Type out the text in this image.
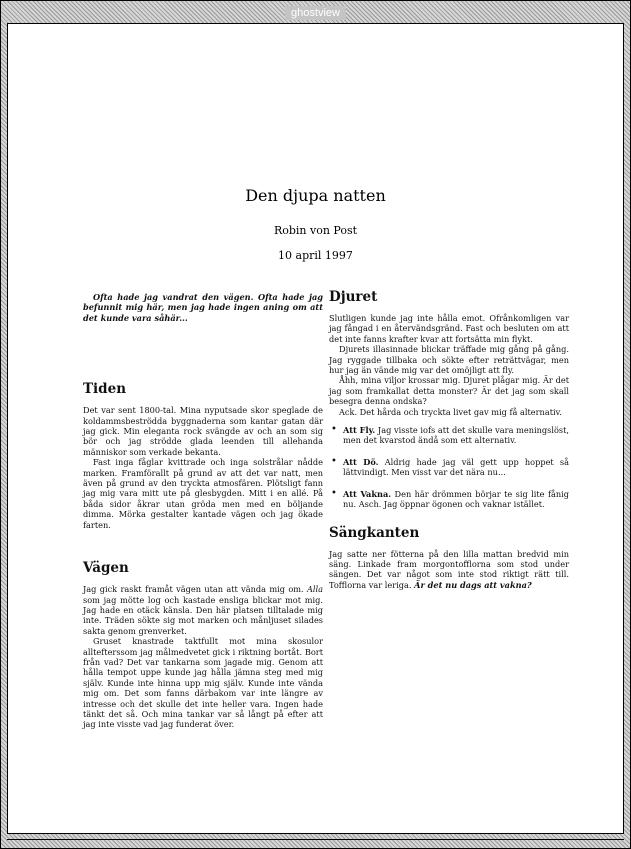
ghostview
Den djupa natten
Robin von Post
10 april 1997

Ofta hade jag vandrat den vägen. Ofta hade jag befunnit mig här, men jag hade ingen aning om att det kunde vara såhär...

Tiden

Det var sent 1800-tal. Mina nyputsade skor speglade de koldammsbeströdda byggnaderna som kantar gatan där jag gick. Min eleganta rock svängde av och an som sig bör och jag strödde glada leenden till allehanda människor som verkade bekanta.

Fast inga fåglar kvittrade och inga solstrålar nådde marken. Framförallt på grund av att det var natt, men även på grund av den tryckta atmosfären. Plötsligt fann jag mig vara mitt ute på glesbygden. Mitt i en allé. På båda sidor åkrar utan gröda men med en böljande dimma. Mörka gestalter kantade vägen och jag ökade farten.

Vägen

Jag gick raskt framåt vägen utan att vända mig om. Alla som jag mötte log och kastade ensliga blickar mot mig. Jag hade en otäck känsla. Den här platsen tilltalade mig inte. Träden sökte sig mot marken och månljuset silades sakta genom grenverket.

Gruset knastrade taktfullt mot mina skosulor alltefterssom jag målmedvetet gick i riktning bortåt. Bort från vad? Det var tankarna som jagade mig. Genom att hålla tempot uppe kunde jag hålla jämna steg med mig själv. Kunde inte hinna upp mig själv. Kunde inte vända mig om. Det som fanns därbakom var inte längre av intresse och det skulle det inte heller vara. Ingen hade tänkt det så. Och mina tankar var så långt på efter att jag inte visste vad jag funderat över.

Djuret

Slutligen kunde jag inte hålla emot. Ofrånkomligen var jag fångad i en återvändsgränd. Fast och besluten om att det inte fanns krafter kvar att fortsätta min flykt.

Djurets illasinnade blickar träffade mig gång på gång. Jag ryggade tillbaka och sökte efter reträttvägar, men hur jag än vände mig var det omöjligt att fly.

Åhh, mina viljor krossar mig. Djuret plågar mig. Är det jag som framkallat detta monster? Är det jag som skall besegra denna ondska?

Ack. Det hårda och tryckta livet gav mig få alternativ.

• Att Fly. Jag visste iofs att det skulle vara meningslöst, men det kvarstod ändå som ett alternativ.
• Att Dö. Aldrig hade jag väl gett upp hoppet så lättvindigt. Men visst var det nära nu...
• Att Vakna. Den här drömmen börjar te sig lite fånig nu. Asch. Jag öppnar ögonen och vaknar istället.
Sängkanten

Jag satte ner fötterna på den lilla mattan bredvid min säng. Linkade fram morgontofflorna som stod under sängen. Det var något som inte stod riktigt rätt till. Tofflorna var leriga. Är det nu dags att vakna?
